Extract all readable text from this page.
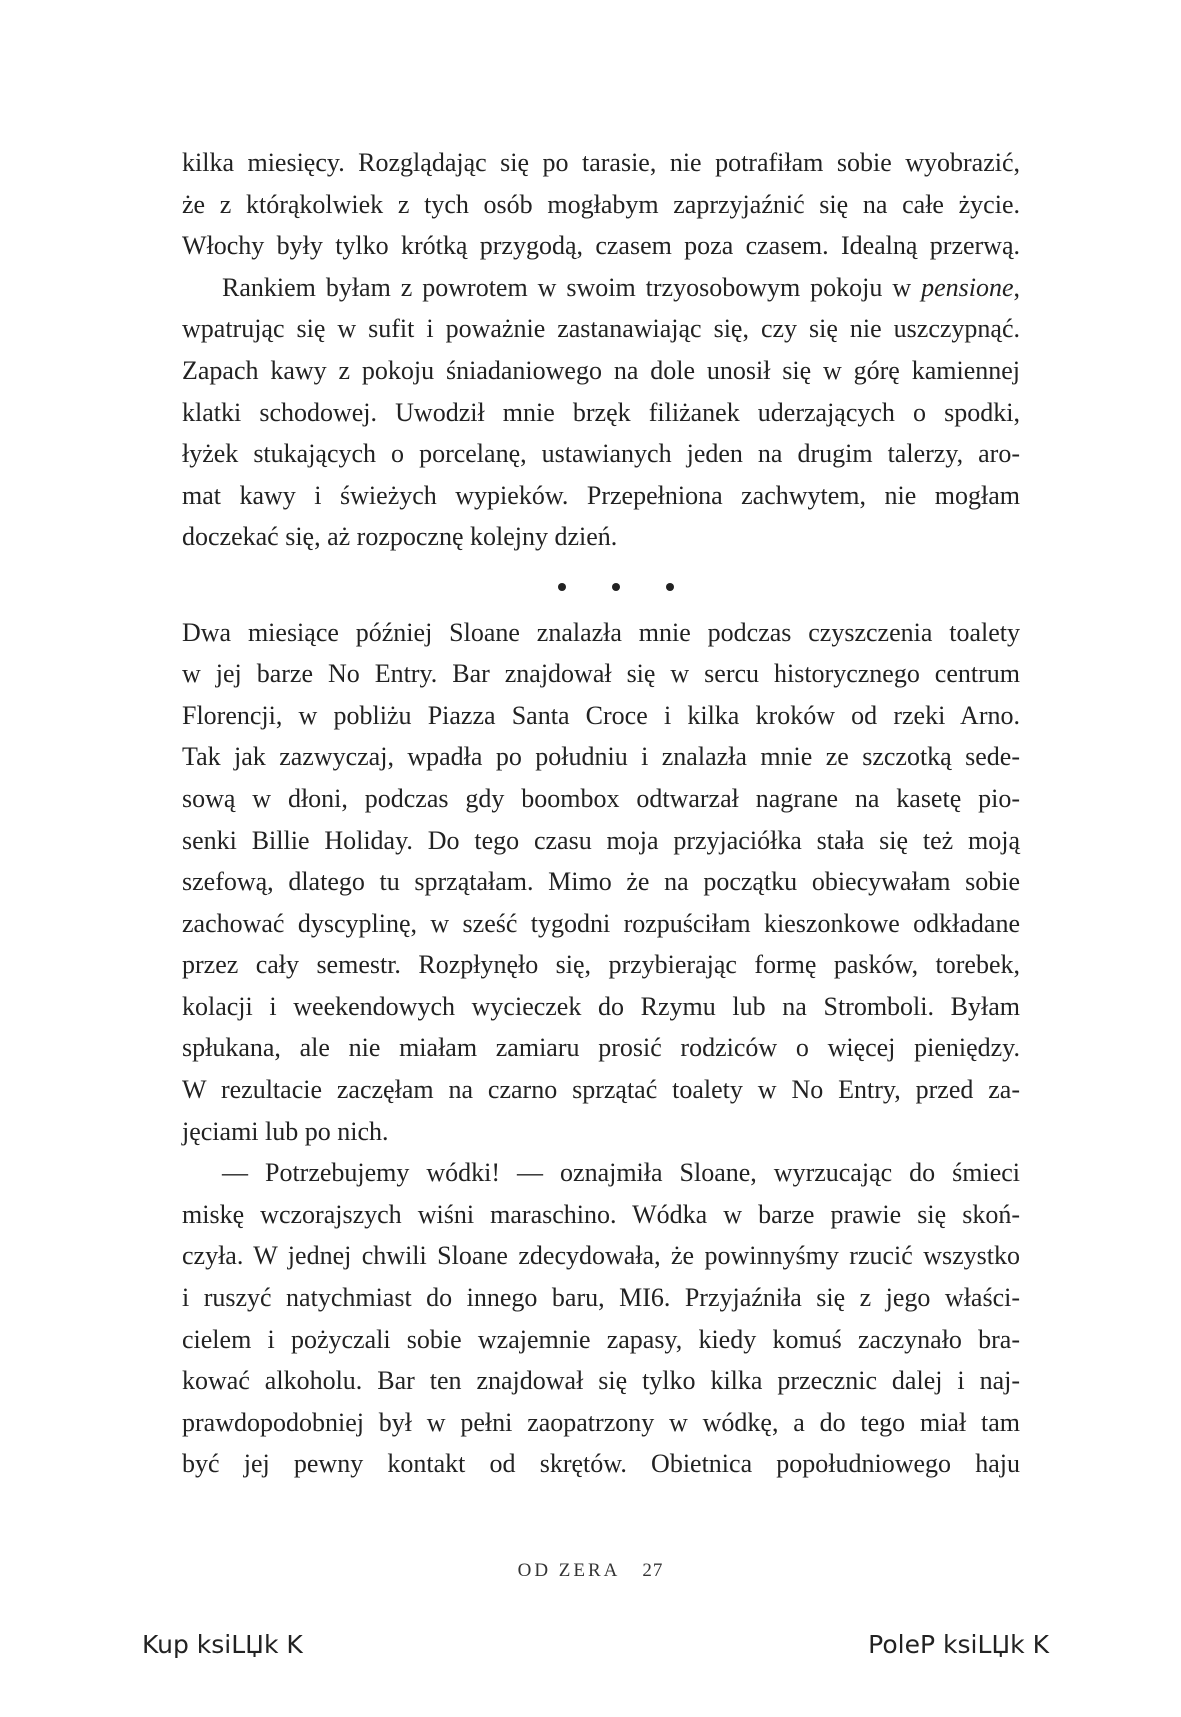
kilka miesięcy. Rozglądając się po tarasie, nie potrafiłam sobie wyobrazić,
że z którąkolwiek z tych osób mogłabym zaprzyjaźnić się na całe życie.
Włochy były tylko krótką przygodą, czasem poza czasem. Idealną przerwą.

Rankiem byłam z powrotem w swoim trzyosobowym pokoju w pensione,
wpatrując się w sufit i poważnie zastanawiając się, czy się nie uszczypnąć.
Zapach kawy z pokoju śniadaniowego na dole unosił się w górę kamiennej
klatki schodowej. Uwodził mnie brzęk filiżanek uderzających o spodki,
łyżek stukających o porcelanę, ustawianych jeden na drugim talerzy, aro-
mat kawy i świeżych wypieków. Przepełniona zachwytem, nie mogłam
doczekać się, aż rozpocznę kolejny dzień.

Dwa miesiące później Sloane znalazła mnie podczas czyszczenia toalety
w jej barze No Entry. Bar znajdował się w sercu historycznego centrum
Florencji, w pobliżu Piazza Santa Croce i kilka kroków od rzeki Arno.
Tak jak zazwyczaj, wpadła po południu i znalazła mnie ze szczotką sede-
sową w dłoni, podczas gdy boombox odtwarzał nagrane na kasetę pio-
senki Billie Holiday. Do tego czasu moja przyjaciółka stała się też moją
szefową, dlatego tu sprzątałam. Mimo że na początku obiecywałam sobie
zachować dyscyplinę, w sześć tygodni rozpuściłam kieszonkowe odkładane
przez cały semestr. Rozpłynęło się, przybierając formę pasków, torebek,
kolacji i weekendowych wycieczek do Rzymu lub na Stromboli. Byłam
spłukana, ale nie miałam zamiaru prosić rodziców o więcej pieniędzy.
W rezultacie zaczęłam na czarno sprzątać toalety w No Entry, przed za-
jęciami lub po nich.

— Potrzebujemy wódki! — oznajmiła Sloane, wyrzucając do śmieci
miskę wczorajszych wiśni maraschino. Wódka w barze prawie się skoń-
czyła. W jednej chwili Sloane zdecydowała, że powinnyśmy rzucić wszystko
i ruszyć natychmiast do innego baru, MI6. Przyjaźniła się z jego właści-
cielem i pożyczali sobie wzajemnie zapasy, kiedy komuś zaczynało bra-
kować alkoholu. Bar ten znajdował się tylko kilka przecznic dalej i naj-
prawdopodobniej był w pełni zaopatrzony w wódkę, a do tego miał tam
być jej pewny kontakt od skrętów. Obietnica popołudniowego haju

OD ZERA 27
Kup ksiLЏk K	PoleP ksiLЏk K
